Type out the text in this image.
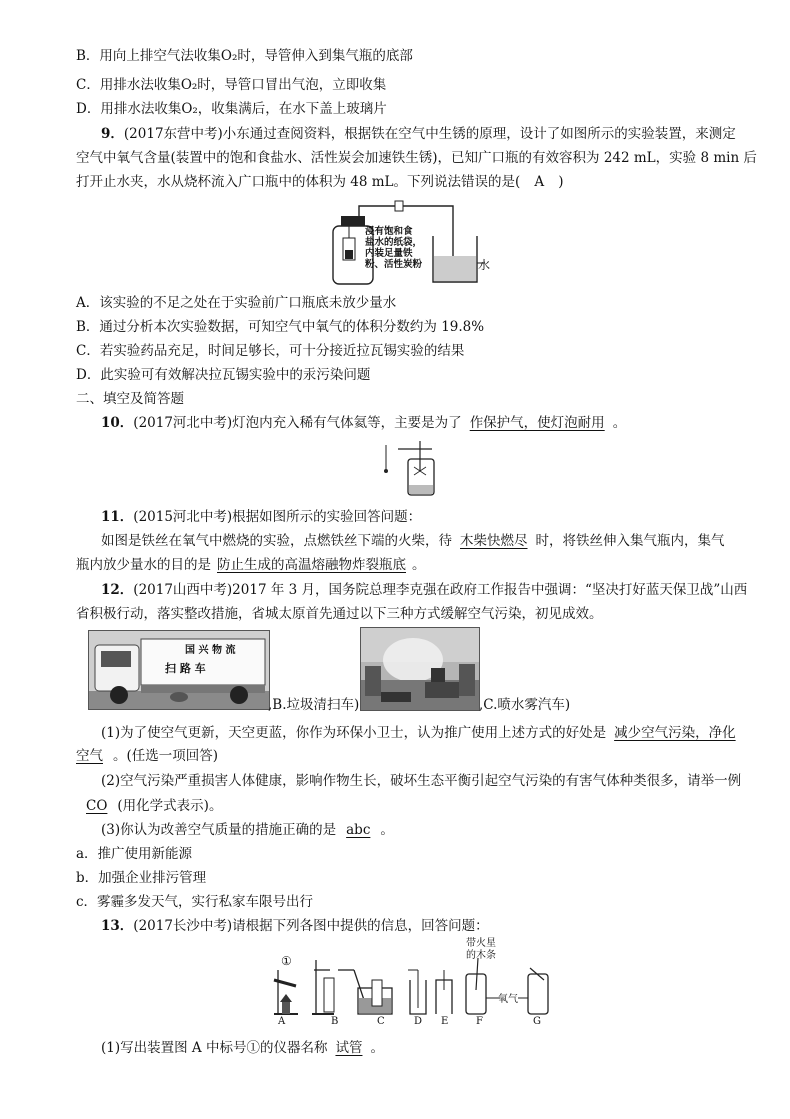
B．用向上排空气法收集O₂时，导管伸入到集气瓶的底部
C．用排水法收集O₂时，导管口冒出气泡，立即收集
D．用排水法收集O₂，收集满后，在水下盖上玻璃片
9．(2017东营中考)小东通过查阅资料，根据铁在空气中生锈的原理，设计了如图所示的实验装置，来测定
空气中氧气含量(装置中的饱和食盐水、活性炭会加速铁生锈)，已知广口瓶的有效容积为 242 mL，实验 8 min 后
打开止水夹，水从烧杯流入广口瓶中的体积为 48 mL。下列说法错误的是( A )
浸有饱和食
盐水的纸袋，
内装足量铁
粉、活性炭粉	水
A．该实验的不足之处在于实验前广口瓶底未放少量水
B．通过分析本次实验数据，可知空气中氧气的体积分数约为 19.8%
C．若实验药品充足，时间足够长，可十分接近拉瓦锡实验的结果
D．此实验可有效解决拉瓦锡实验中的汞污染问题
二、填空及简答题
10．(2017河北中考)灯泡内充入稀有气体氦等，主要是为了 作保护气，使灯泡耐用 。
11．(2015河北中考)根据如图所示的实验回答问题：
如图是铁丝在氧气中燃烧的实验，点燃铁丝下端的火柴，待 木柴快燃尽 时，将铁丝伸入集气瓶内，集气
瓶内放少量水的目的是 防止生成的高温熔融物炸裂瓶底 。
12．(2017山西中考)2017 年 3 月，国务院总理李克强在政府工作报告中强调：“坚决打好蓝天保卫战”山西
省积极行动，落实整改措施，省城太原首先通过以下三种方式缓解空气污染，初见成效。
国 兴 物 流
扫 路 车
,B.垃圾清扫车)	,C.喷水雾汽车)
(1)为了使空气更新，天空更蓝，你作为环保小卫士，认为推广使用上述方式的好处是 减少空气污染，净化
空气 。(任选一项回答)
(2)空气污染严重损害人体健康，影响作物生长，破坏生态平衡引起空气污染的有害气体种类很多，请举一例
CO (用化学式表示)。
(3)你认为改善空气质量的措施正确的是 abc 。
a．推广使用新能源
b．加强企业排污管理
c．雾霾多发天气，实行私家车限号出行
13．(2017长沙中考)请根据下列各图中提供的信息，回答问题：
①
带火星
的木条
氧气
A	B	C	D E	F	G
(1)写出装置图 A 中标号①的仪器名称 试管 。
